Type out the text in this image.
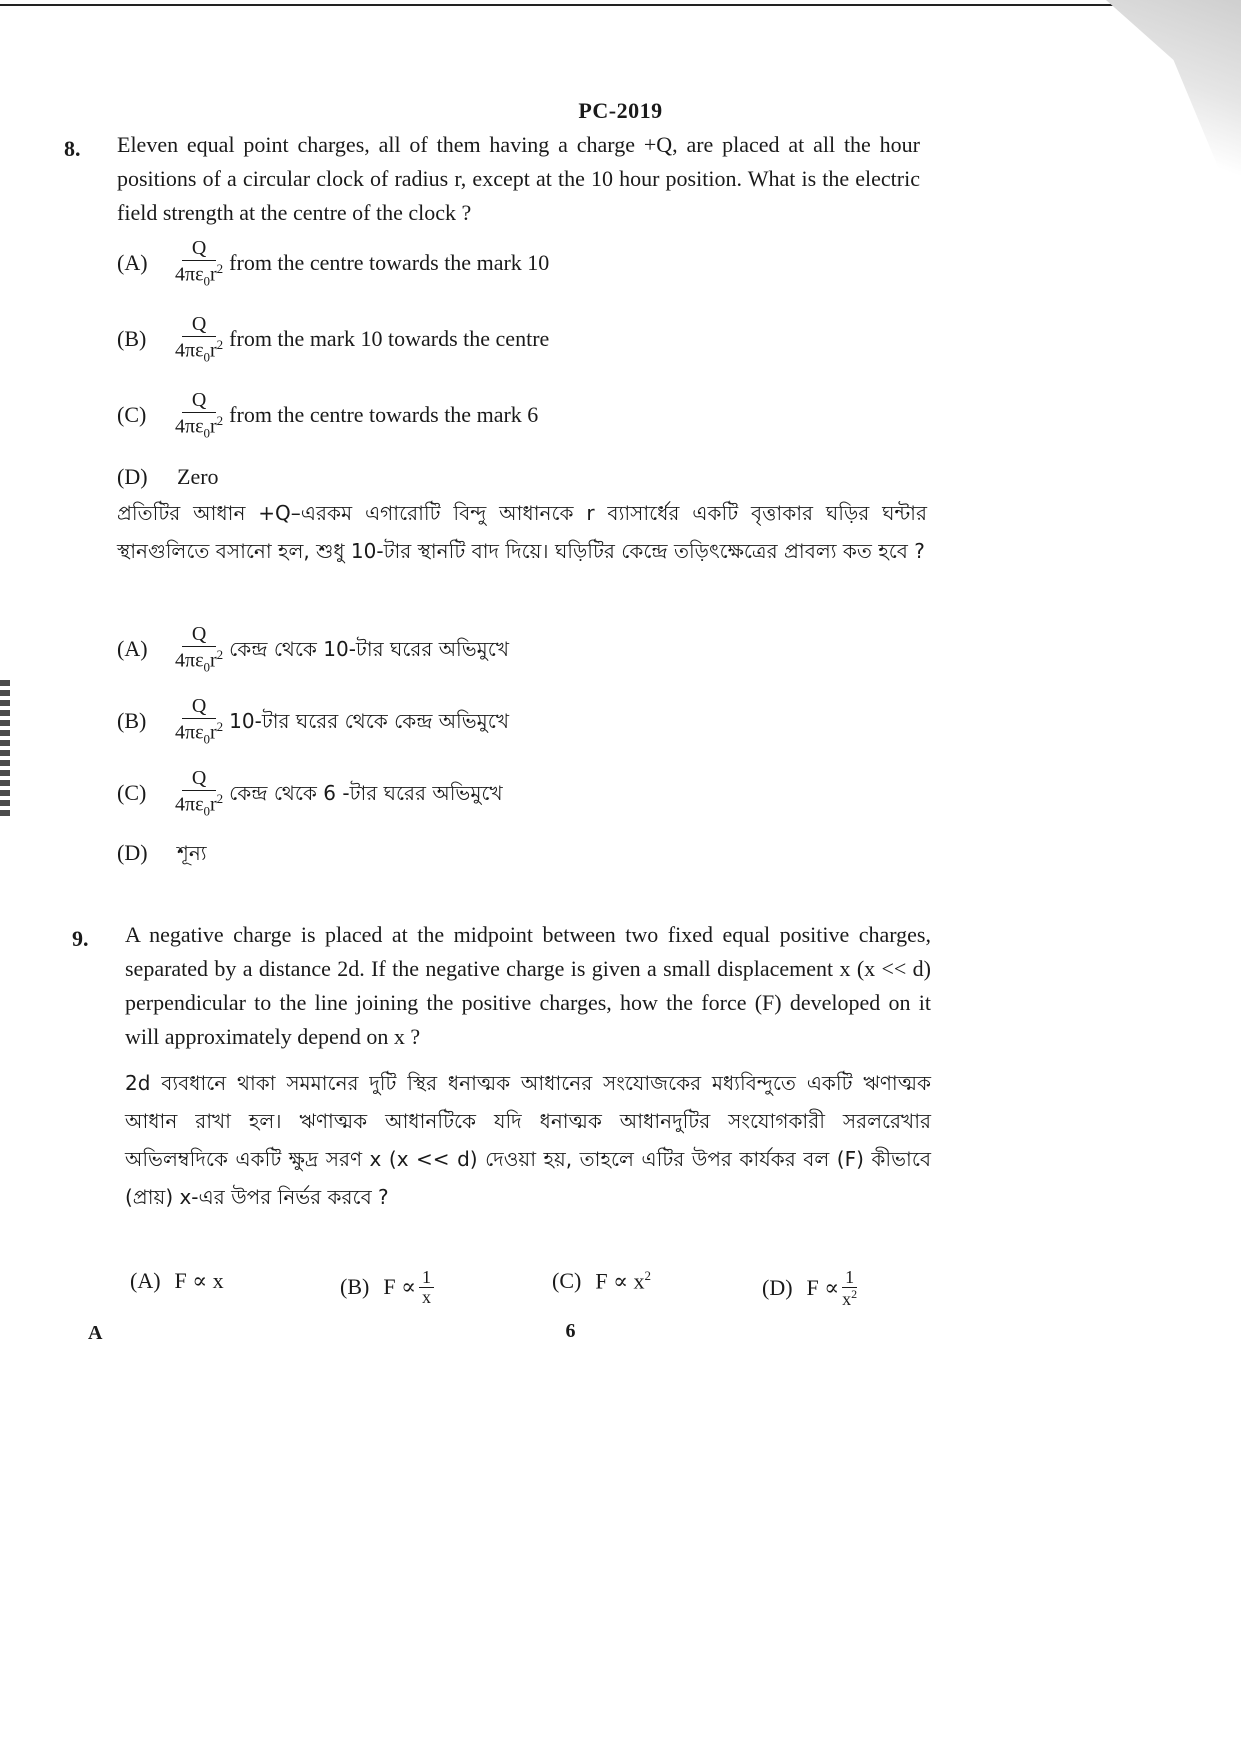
PC-2019
8. Eleven equal point charges, all of them having a charge +Q, are placed at all the hour positions of a circular clock of radius r, except at the 10 hour position. What is the electric field strength at the centre of the clock ?
(A)	$\frac{Q}{4\pi\varepsilon_0r^2}$ from the centre towards the mark 10
(B)	$\frac{Q}{4\pi\varepsilon_0r^2}$ from the mark 10 towards the centre
(C)	$\frac{Q}{4\pi\varepsilon_0r^2}$ from the centre towards the mark 6
(D)	Zero
প্রতিটির আধান +Q–এরকম এগারোটি বিন্দু আধানকে r ব্যাসার্ধের একটি বৃত্তাকার ঘড়ির ঘন্টার স্থানগুলিতে বসানো হল, শুধু 10-টার স্থানটি বাদ দিয়ে। ঘড়িটির কেন্দ্রে তড়িৎক্ষেত্রের প্রাবল্য কত হবে ?
(A)	$\frac{Q}{4\pi\varepsilon_0r^2}$ কেন্দ্র থেকে 10-টার ঘরের অভিমুখে
(B)	$\frac{Q}{4\pi\varepsilon_0r^2}$ 10-টার ঘরের থেকে কেন্দ্র অভিমুখে
(C)	$\frac{Q}{4\pi\varepsilon_0r^2}$ কেন্দ্র থেকে 6 -টার ঘরের অভিমুখে
(D)	শূন্য
9. A negative charge is placed at the midpoint between two fixed equal positive charges, separated by a distance 2d. If the negative charge is given a small displacement x (x << d) perpendicular to the line joining the positive charges, how the force (F) developed on it will approximately depend on x ?
2d ব্যবধানে থাকা সমমানের দুটি স্থির ধনাত্মক আধানের সংযোজকের মধ্যবিন্দুতে একটি ঋণাত্মক আধান রাখা হল। ঋণাত্মক আধানটিকে যদি ধনাত্মক আধানদুটির সংযোগকারী সরলরেখার অভিলম্বদিকে একটি ক্ষুদ্র সরণ x (x << d) দেওয়া হয়, তাহলে এটির উপর কার্যকর বল (F) কীভাবে (প্রায়) x-এর উপর নির্ভর করবে ?
(A) F ∝ x	(B) $F \propto \frac{1}{x}$	(C) $F \propto x^2$	(D) $F \propto \frac{1}{x^2}$
A	6
